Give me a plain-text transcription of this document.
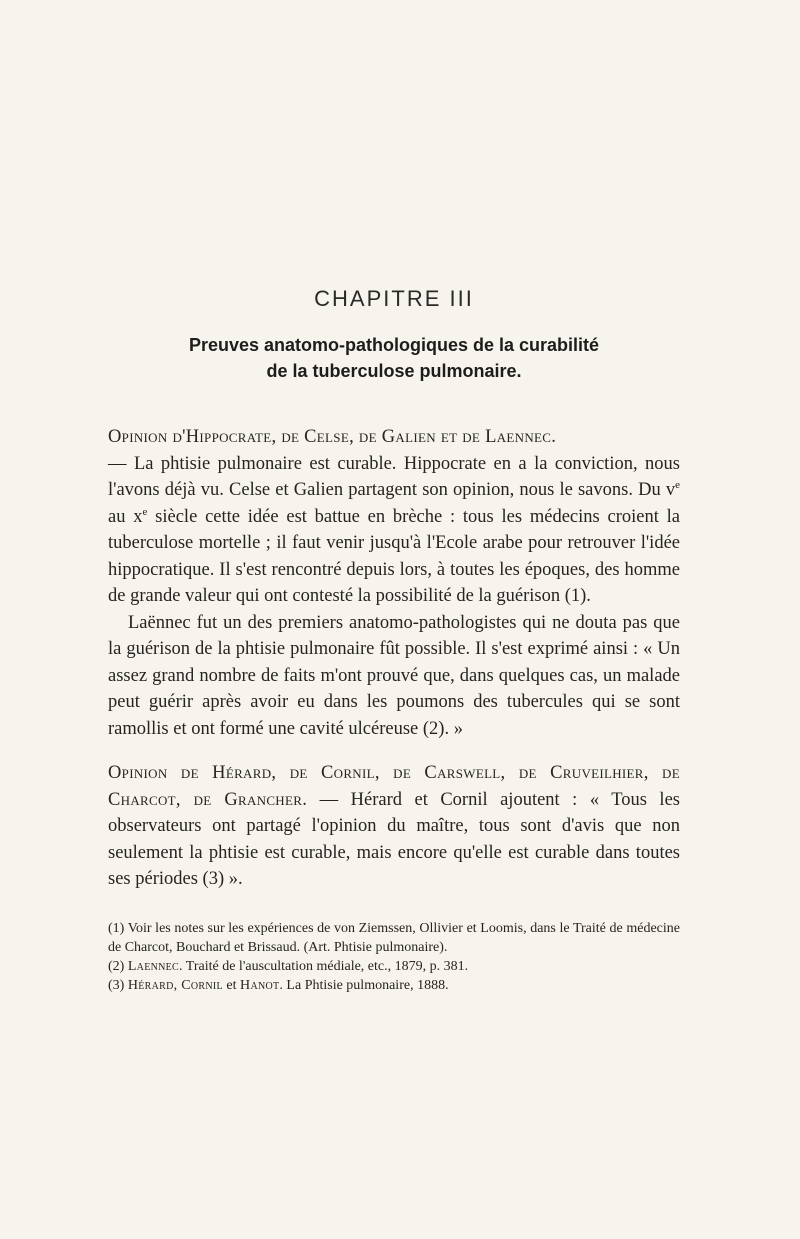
CHAPITRE III
Preuves anatomo-pathologiques de la curabilité
de la tuberculose pulmonaire.

Opinion d'Hippocrate, de Celse, de Galien et de Laennec.
— La phtisie pulmonaire est curable. Hippocrate en a la conviction, nous l'avons déjà vu. Celse et Galien partagent son opinion, nous le savons. Du $v^e$ au $x^e$ siècle cette idée est battue en brèche : tous les médecins croient la tuberculose mortelle ; il faut venir jusqu'à l'Ecole arabe pour retrouver l'idée hippocratique. Il s'est rencontré depuis lors, à toutes les époques, des homme de grande valeur qui ont contesté la possibilité de la guérison (1).

Laënnec fut un des premiers anatomo-pathologistes qui ne douta pas que la guérison de la phtisie pulmonaire fût possible. Il s'est exprimé ainsi : « Un assez grand nombre de faits m'ont prouvé que, dans quelques cas, un malade peut guérir après avoir eu dans les poumons des tubercules qui se sont ramollis et ont formé une cavité ulcéreuse (2). »

Opinion de Hérard, de Cornil, de Carswell, de Cruveilhier, de Charcot, de Grancher. — Hérard et Cornil ajoutent : « Tous les observateurs ont partagé l'opinion du maître, tous sont d'avis que non seulement la phtisie est curable, mais encore qu'elle est curable dans toutes ses périodes (3) ».

(1) Voir les notes sur les expériences de von Ziemssen, Ollivier et Loomis, dans le Traité de médecine de Charcot, Bouchard et Brissaud. (Art. Phtisie pulmonaire).

(2) Laennec. Traité de l'auscultation médiale, etc., 1879, p. 381.

(3) Hérard, Cornil et Hanot. La Phtisie pulmonaire, 1888.
